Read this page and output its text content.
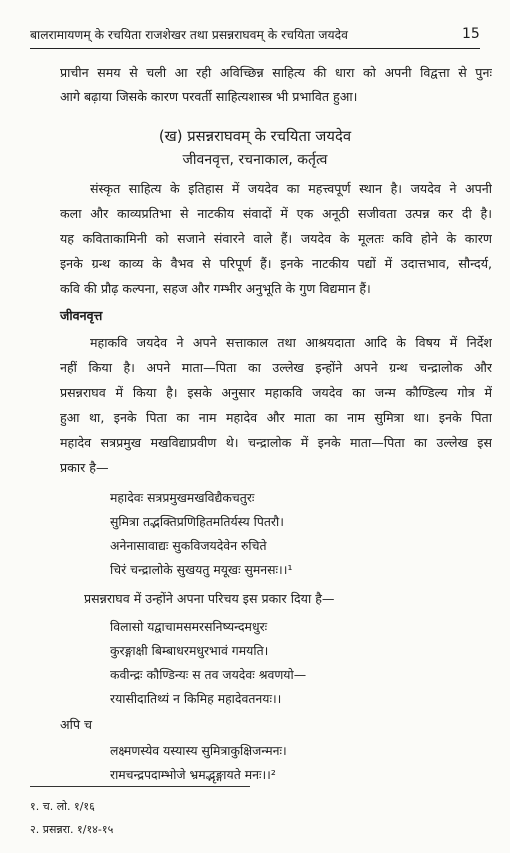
बालरामायणम् के रचयिता राजशेखर तथा प्रसन्नराघवम् के रचयिता जयदेव	15
प्राचीन समय से चली आ रही अविच्छिन्न साहित्य की धारा को अपनी विद्वत्ता से पुनः
आगे बढ़ाया जिसके कारण परवर्ती साहित्यशास्त्र भी प्रभावित हुआ।
(ख) प्रसन्नराघवम् के रचयिता जयदेव
जीवनवृत्त, रचनाकाल, कर्तृत्व
संस्कृत साहित्य के इतिहास में जयदेव का महत्त्वपूर्ण स्थान है। जयदेव ने अपनी
कला और काव्यप्रतिभा से नाटकीय संवादों में एक अनूठी सजीवता उत्पन्न कर दी है।
यह कविताकामिनी को सजाने संवारने वाले हैं। जयदेव के मूलतः कवि होने के कारण
इनके ग्रन्थ काव्य के वैभव से परिपूर्ण हैं। इनके नाटकीय पद्यों में उदात्तभाव, सौन्दर्य,
कवि की प्रौढ़ कल्पना, सहज और गम्भीर अनुभूति के गुण विद्यमान हैं।
जीवनवृत्त
महाकवि जयदेव ने अपने सत्ताकाल तथा आश्रयदाता आदि के विषय में निर्देश
नहीं किया है। अपने माता—पिता का उल्लेख इन्होंने अपने ग्रन्थ चन्द्रालोक और
प्रसन्नराघव में किया है। इसके अनुसार महाकवि जयदेव का जन्म कौण्डिल्य गोत्र में
हुआ था, इनके पिता का नाम महादेव और माता का नाम सुमित्रा था। इनके पिता
महादेव सत्रप्रमुख मखविद्याप्रवीण थे। चन्द्रालोक में इनके माता—पिता का उल्लेख इस
प्रकार है—
महादेवः सत्रप्रमुखमखविद्यैकचतुरः
सुमित्रा तद्भक्तिप्रणिहितमतिर्यस्य पितरौ।
अनेनासावाद्यः सुकविजयदेवेन रुचिते
चिरं चन्द्रालोके सुखयतु मयूखः सुमनसः।।¹
प्रसन्नराघव में उन्होंने अपना परिचय इस प्रकार दिया है—
विलासो यद्वाचामसमरसनिष्यन्दमधुरः
कुरङ्गाक्षी बिम्बाधरमधुरभावं गमयति।
कवीन्द्रः कौण्डिन्यः स तव जयदेवः श्रवणयो—
रयासीदातिथ्यं न किमिह महादेवतनयः।।
अपि च
लक्ष्मणस्येव यस्यास्य सुमित्राकुक्षिजन्मनः।
रामचन्द्रपदाम्भोजे भ्रमद्भृङ्गायते मनः।।²
१. च. लो. १/१६
२. प्रसन्नरा. १/१४-१५
